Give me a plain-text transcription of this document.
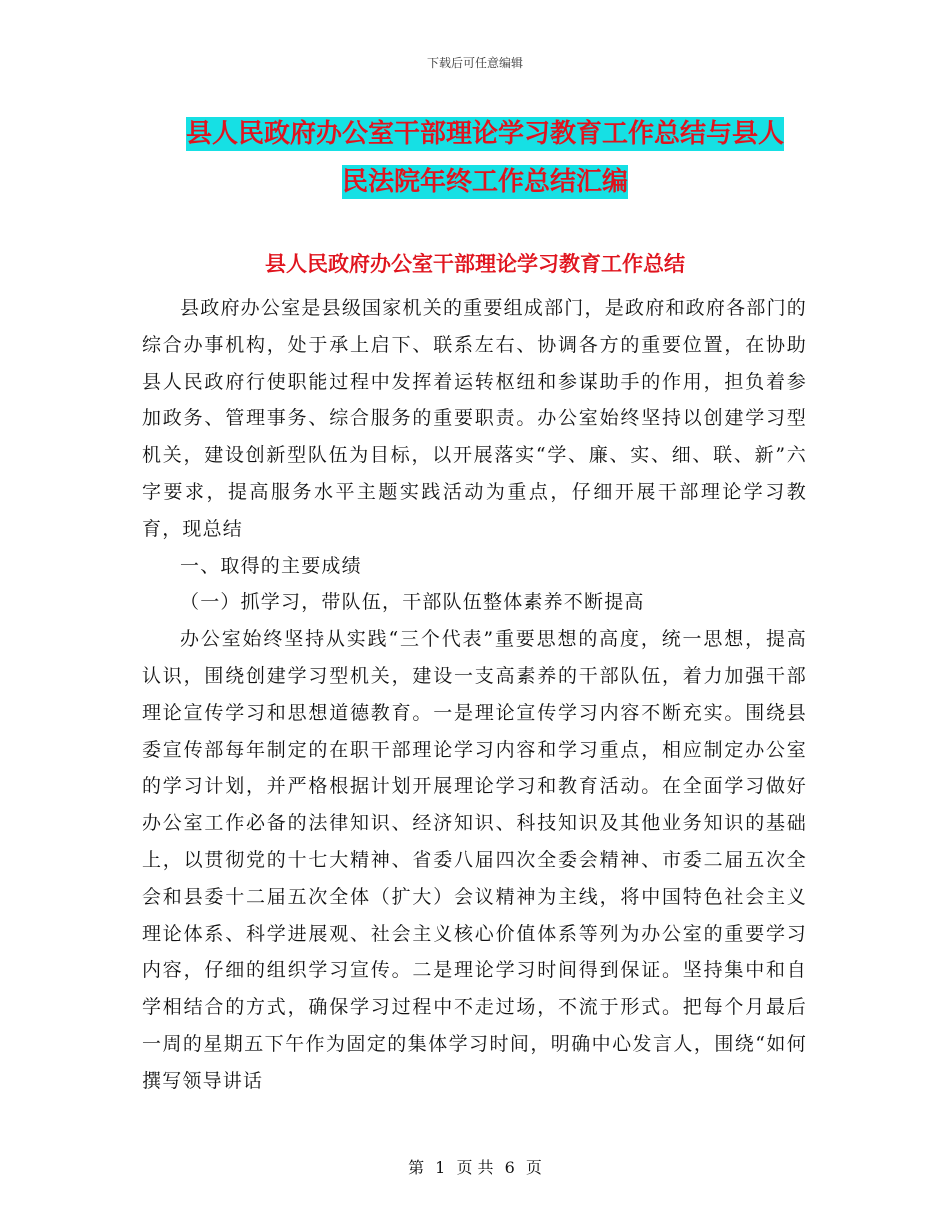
下载后可任意编辑
县人民政府办公室干部理论学习教育工作总结与县人
民法院年终工作总结汇编
县人民政府办公室干部理论学习教育工作总结

县政府办公室是县级国家机关的重要组成部门，是政府和政府各部门的综合办事机构，处于承上启下、联系左右、协调各方的重要位置，在协助县人民政府行使职能过程中发挥着运转枢纽和参谋助手的作用，担负着参加政务、管理事务、综合服务的重要职责。办公室始终坚持以创建学习型机关，建设创新型队伍为目标，以开展落实“学、廉、实、细、联、新”六字要求，提高服务水平主题实践活动为重点，仔细开展干部理论学习教育，现总结

一、取得的主要成绩

（一）抓学习，带队伍，干部队伍整体素养不断提高

办公室始终坚持从实践“三个代表”重要思想的高度，统一思想，提高认识，围绕创建学习型机关，建设一支高素养的干部队伍，着力加强干部理论宣传学习和思想道德教育。一是理论宣传学习内容不断充实。围绕县委宣传部每年制定的在职干部理论学习内容和学习重点，相应制定办公室的学习计划，并严格根据计划开展理论学习和教育活动。在全面学习做好办公室工作必备的法律知识、经济知识、科技知识及其他业务知识的基础上，以贯彻党的十七大精神、省委八届四次全委会精神、市委二届五次全会和县委十二届五次全体（扩大）会议精神为主线，将中国特色社会主义理论体系、科学进展观、社会主义核心价值体系等列为办公室的重要学习内容，仔细的组织学习宣传。二是理论学习时间得到保证。坚持集中和自学相结合的方式，确保学习过程中不走过场，不流于形式。把每个月最后一周的星期五下午作为固定的集体学习时间，明确中心发言人，围绕“如何撰写领导讲话

第 1 页 共 6 页
